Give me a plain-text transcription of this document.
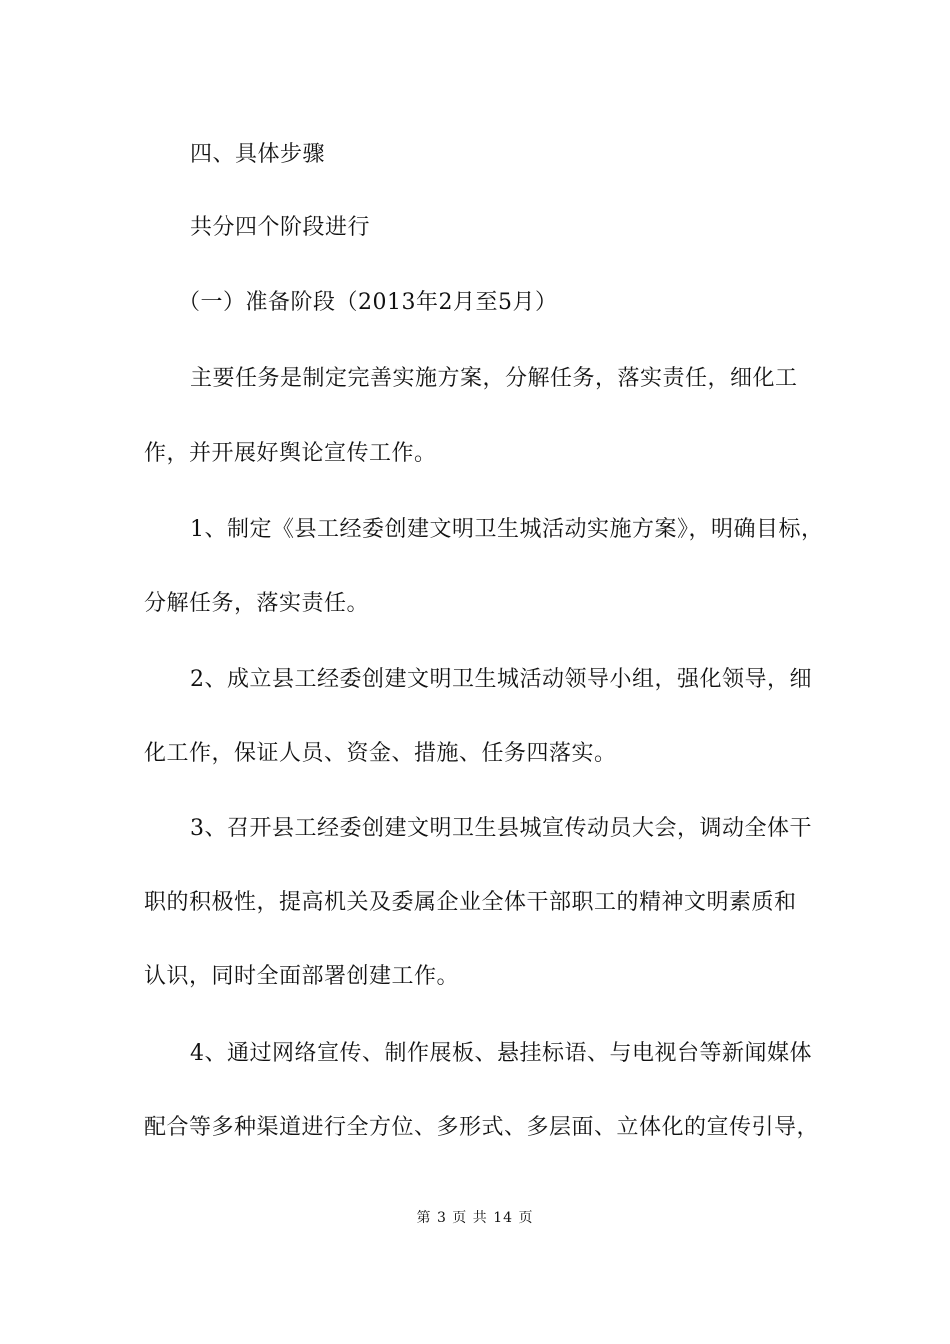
四、具体步骤
共分四个阶段进行
（一）准备阶段（2013年2月至5月）
主要任务是制定完善实施方案，分解任务，落实责任，细化工
作，并开展好舆论宣传工作。
1、制定《县工经委创建文明卫生城活动实施方案》，明确目标，
分解任务，落实责任。
2、成立县工经委创建文明卫生城活动领导小组，强化领导，细
化工作，保证人员、资金、措施、任务四落实。
3、召开县工经委创建文明卫生县城宣传动员大会，调动全体干
职的积极性，提高机关及委属企业全体干部职工的精神文明素质和
认识，同时全面部署创建工作。
4、通过网络宣传、制作展板、悬挂标语、与电视台等新闻媒体
配合等多种渠道进行全方位、多形式、多层面、立体化的宣传引导，
第 3 页 共 14 页
